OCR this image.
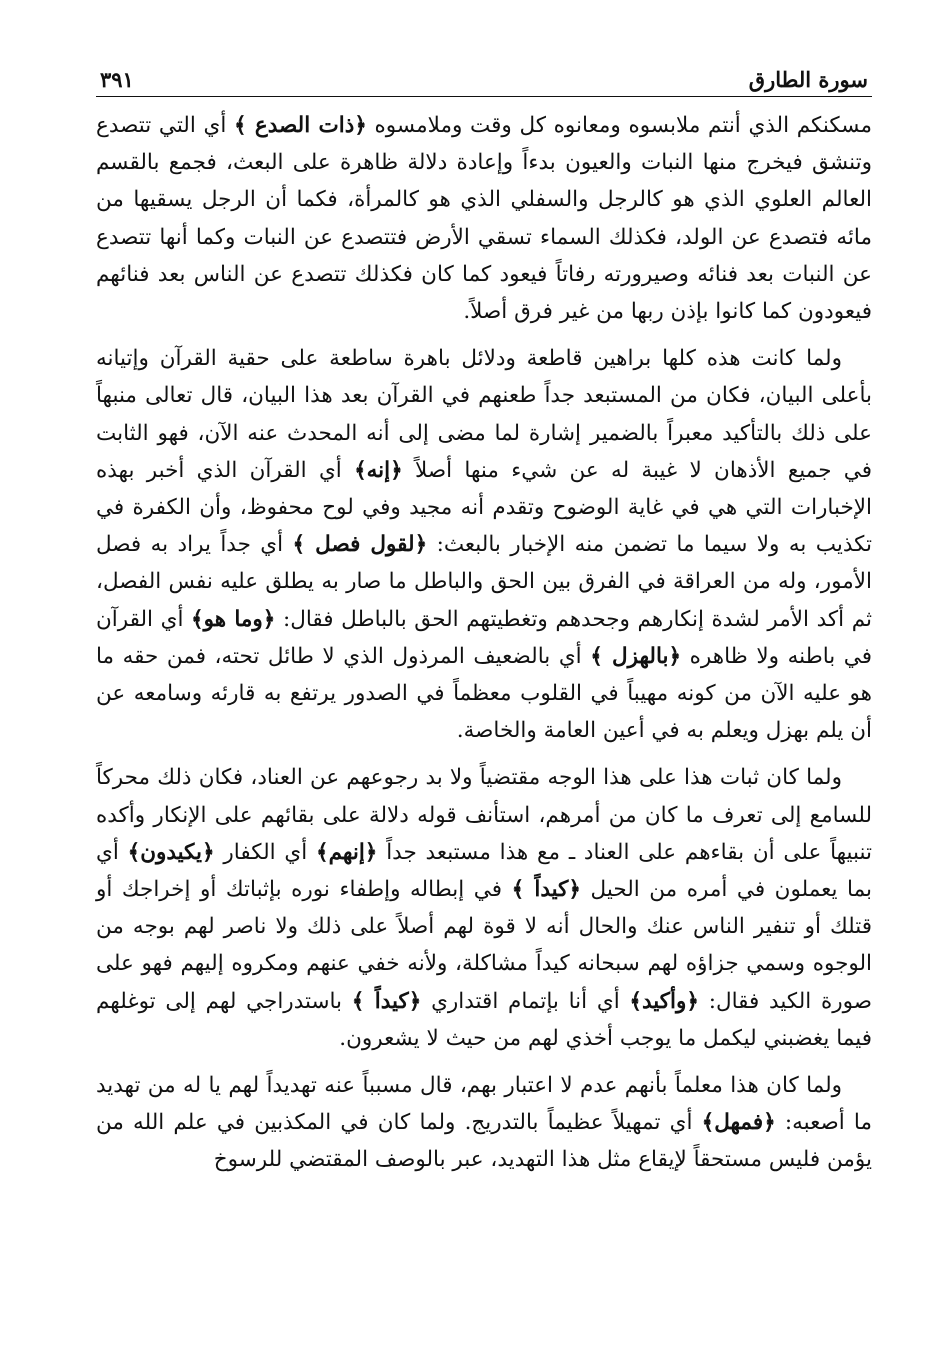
سورة الطارق
٣٩١

مسكنكم الذي أنتم ملابسوه ومعانوه كل وقت وملامسوه ﴿ذات الصدع ﴾ أي التي تتصدع وتنشق فيخرج منها النبات والعيون بدءاً وإعادة دلالة ظاهرة على البعث، فجمع بالقسم العالم العلوي الذي هو كالرجل والسفلي الذي هو كالمرأة، فكما أن الرجل يسقيها من مائه فتصدع عن الولد، فكذلك السماء تسقي الأرض فتتصدع عن النبات وكما أنها تتصدع عن النبات بعد فنائه وصيرورته رفاتاً فيعود كما كان فكذلك تتصدع عن الناس بعد فنائهم فيعودون كما كانوا بإذن ربها من غير فرق أصلاً.

ولما كانت هذه كلها براهين قاطعة ودلائل باهرة ساطعة على حقية القرآن وإتيانه بأعلى البيان، فكان من المستبعد جداً طعنهم في القرآن بعد هذا البيان، قال تعالى منبهاً على ذلك بالتأكيد معبراً بالضمير إشارة لما مضى إلى أنه المحدث عنه الآن، فهو الثابت في جميع الأذهان لا غيبة له عن شيء منها أصلاً ﴿إنه﴾ أي القرآن الذي أخبر بهذه الإخبارات التي هي في غاية الوضوح وتقدم أنه مجيد وفي لوح محفوظ، وأن الكفرة في تكذيب به ولا سيما ما تضمن منه الإخبار بالبعث: ﴿لقول فصل ﴾ أي جداً يراد به فصل الأمور، وله من العراقة في الفرق بين الحق والباطل ما صار به يطلق عليه نفس الفصل، ثم أكد الأمر لشدة إنكارهم وجحدهم وتغطيتهم الحق بالباطل فقال: ﴿وما هو﴾ أي القرآن في باطنه ولا ظاهره ﴿بالهزل ﴾ أي بالضعيف المرذول الذي لا طائل تحته، فمن حقه ما هو عليه الآن من كونه مهيباً في القلوب معظماً في الصدور يرتفع به قارئه وسامعه عن أن يلم بهزل ويعلم به في أعين العامة والخاصة.

ولما كان ثبات هذا على هذا الوجه مقتضياً ولا بد رجوعهم عن العناد، فكان ذلك محركاً للسامع إلى تعرف ما كان من أمرهم، استأنف قوله دلالة على بقائهم على الإنكار وأكده تنبيهاً على أن بقاءهم على العناد ـ مع هذا مستبعد جداً ﴿إنهم﴾ أي الكفار ﴿يكيدون﴾ أي بما يعملون في أمره من الحيل ﴿كيداً ﴾ في إبطاله وإطفاء نوره بإثباتك أو إخراجك أو قتلك أو تنفير الناس عنك والحال أنه لا قوة لهم أصلاً على ذلك ولا ناصر لهم بوجه من الوجوه وسمي جزاؤه لهم سبحانه كيداً مشاكلة، ولأنه خفي عنهم ومكروه إليهم فهو على صورة الكيد فقال: ﴿وأكيد﴾ أي أنا بإتمام اقتداري ﴿كيداً ﴾ باستدراجي لهم إلى توغلهم فيما يغضبني ليكمل ما يوجب أخذي لهم من حيث لا يشعرون.

ولما كان هذا معلماً بأنهم عدم لا اعتبار بهم، قال مسبباً عنه تهديداً لهم يا له من تهديد ما أصعبه: ﴿فمهل﴾ أي تمهيلاً عظيماً بالتدريج. ولما كان في المكذبين في علم الله من يؤمن فليس مستحقاً لإيقاع مثل هذا التهديد، عبر بالوصف المقتضي للرسوخ
